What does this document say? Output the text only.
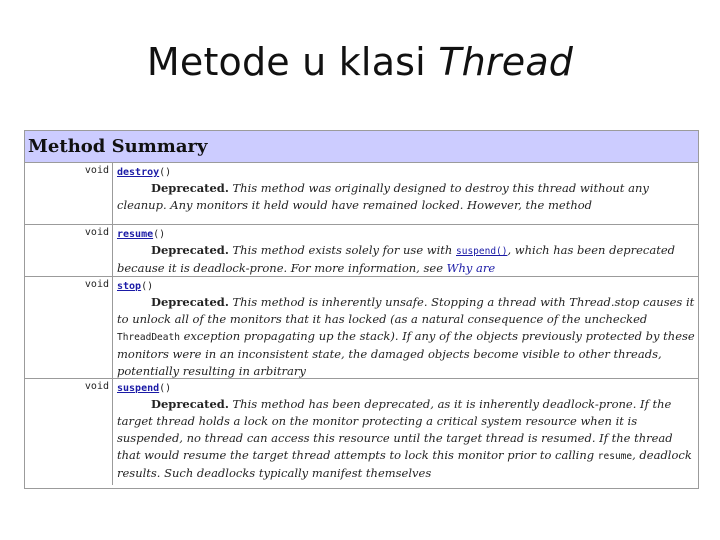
Metode u klasi Thread
Method Summary
void destroy()
Deprecated. This method was originally designed to destroy this thread without any cleanup. Any monitors it held would have remained locked. However, the method
void resume()
Deprecated. This method exists solely for use with suspend(), which has been deprecated because it is deadlock-prone. For more information, see Why are
void stop()
Deprecated. This method is inherently unsafe. Stopping a thread with Thread.stop causes it to unlock all of the monitors that it has locked (as a natural consequence of the unchecked ThreadDeath exception propagating up the stack). If any of the objects previously protected by these monitors were in an inconsistent state, the damaged objects become visible to other threads, potentially resulting in arbitrary
void suspend()
Deprecated. This method has been deprecated, as it is inherently deadlock-prone. If the target thread holds a lock on the monitor protecting a critical system resource when it is suspended, no thread can access this resource until the target thread is resumed. If the thread that would resume the target thread attempts to lock this monitor prior to calling resume, deadlock results. Such deadlocks typically manifest themselves
